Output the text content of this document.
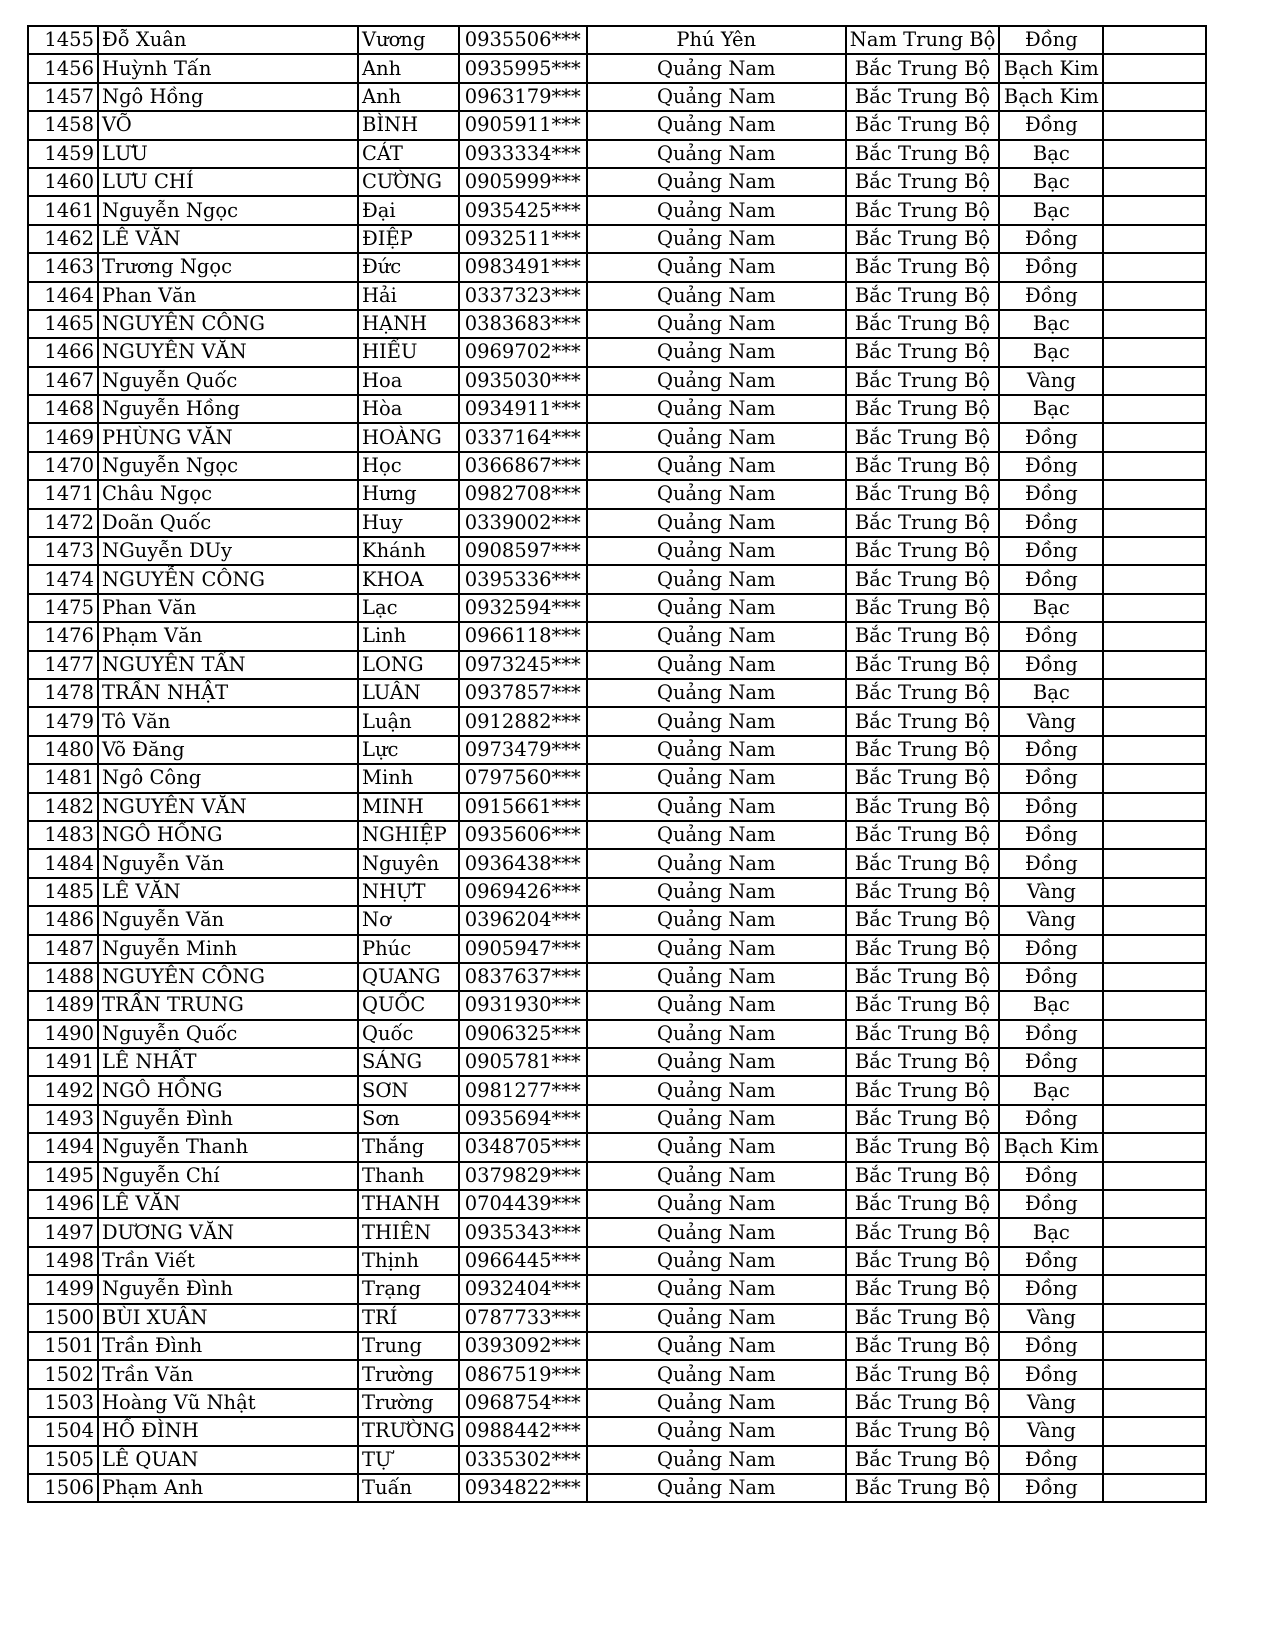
1455	Đỗ Xuân	Vương	0935506***	Phú Yên	Nam Trung Bộ	Đồng	
1456	Huỳnh Tấn	Anh	0935995***	Quảng Nam	Bắc Trung Bộ	Bạch Kim	
1457	Ngô Hồng	Anh	0963179***	Quảng Nam	Bắc Trung Bộ	Bạch Kim	
1458	VÕ	BÌNH	0905911***	Quảng Nam	Bắc Trung Bộ	Đồng	
1459	LƯU	CÁT	0933334***	Quảng Nam	Bắc Trung Bộ	Bạc	
1460	LƯU CHÍ	CƯỜNG	0905999***	Quảng Nam	Bắc Trung Bộ	Bạc	
1461	Nguyễn Ngọc	Đại	0935425***	Quảng Nam	Bắc Trung Bộ	Bạc	
1462	LÊ VĂN	ĐIỆP	0932511***	Quảng Nam	Bắc Trung Bộ	Đồng	
1463	Trương Ngọc	Đức	0983491***	Quảng Nam	Bắc Trung Bộ	Đồng	
1464	Phan Văn	Hải	0337323***	Quảng Nam	Bắc Trung Bộ	Đồng	
1465	NGUYỄN CÔNG	HẠNH	0383683***	Quảng Nam	Bắc Trung Bộ	Bạc	
1466	NGUYỄN VĂN	HIẾU	0969702***	Quảng Nam	Bắc Trung Bộ	Bạc	
1467	Nguyễn Quốc	Hoa	0935030***	Quảng Nam	Bắc Trung Bộ	Vàng	
1468	Nguyễn Hồng	Hòa	0934911***	Quảng Nam	Bắc Trung Bộ	Bạc	
1469	PHÙNG VĂN	HOÀNG	0337164***	Quảng Nam	Bắc Trung Bộ	Đồng	
1470	Nguyễn Ngọc	Học	0366867***	Quảng Nam	Bắc Trung Bộ	Đồng	
1471	Châu Ngọc	Hưng	0982708***	Quảng Nam	Bắc Trung Bộ	Đồng	
1472	Doãn Quốc	Huy	0339002***	Quảng Nam	Bắc Trung Bộ	Đồng	
1473	NGuyễn DUy	Khánh	0908597***	Quảng Nam	Bắc Trung Bộ	Đồng	
1474	NGUYỄN CÔNG	KHOA	0395336***	Quảng Nam	Bắc Trung Bộ	Đồng	
1475	Phan Văn	Lạc	0932594***	Quảng Nam	Bắc Trung Bộ	Bạc	
1476	Phạm Văn	Linh	0966118***	Quảng Nam	Bắc Trung Bộ	Đồng	
1477	NGUYỄN TẤN	LONG	0973245***	Quảng Nam	Bắc Trung Bộ	Đồng	
1478	TRẦN NHẬT	LUÂN	0937857***	Quảng Nam	Bắc Trung Bộ	Bạc	
1479	Tô Văn	Luận	0912882***	Quảng Nam	Bắc Trung Bộ	Vàng	
1480	Võ Đăng	Lực	0973479***	Quảng Nam	Bắc Trung Bộ	Đồng	
1481	Ngô Công	Minh	0797560***	Quảng Nam	Bắc Trung Bộ	Đồng	
1482	NGUYỄN VĂN	MINH	0915661***	Quảng Nam	Bắc Trung Bộ	Đồng	
1483	NGÔ HỒNG	NGHIỆP	0935606***	Quảng Nam	Bắc Trung Bộ	Đồng	
1484	Nguyễn Văn	Nguyên	0936438***	Quảng Nam	Bắc Trung Bộ	Đồng	
1485	LÊ VĂN	NHỰT	0969426***	Quảng Nam	Bắc Trung Bộ	Vàng	
1486	Nguyễn Văn	Nơ	0396204***	Quảng Nam	Bắc Trung Bộ	Vàng	
1487	Nguyễn Minh	Phúc	0905947***	Quảng Nam	Bắc Trung Bộ	Đồng	
1488	NGUYỄN CÔNG	QUANG	0837637***	Quảng Nam	Bắc Trung Bộ	Đồng	
1489	TRẦN TRUNG	QUỐC	0931930***	Quảng Nam	Bắc Trung Bộ	Bạc	
1490	Nguyễn Quốc	Quốc	0906325***	Quảng Nam	Bắc Trung Bộ	Đồng	
1491	LÊ NHẤT	SÁNG	0905781***	Quảng Nam	Bắc Trung Bộ	Đồng	
1492	NGÔ HỒNG	SƠN	0981277***	Quảng Nam	Bắc Trung Bộ	Bạc	
1493	Nguyễn Đình	Sơn	0935694***	Quảng Nam	Bắc Trung Bộ	Đồng	
1494	Nguyễn Thanh	Thắng	0348705***	Quảng Nam	Bắc Trung Bộ	Bạch Kim	
1495	Nguyễn Chí	Thanh	0379829***	Quảng Nam	Bắc Trung Bộ	Đồng	
1496	LÊ VĂN	THANH	0704439***	Quảng Nam	Bắc Trung Bộ	Đồng	
1497	DƯƠNG VĂN	THIÊN	0935343***	Quảng Nam	Bắc Trung Bộ	Bạc	
1498	Trần Viết	Thịnh	0966445***	Quảng Nam	Bắc Trung Bộ	Đồng	
1499	Nguyễn Đình	Trạng	0932404***	Quảng Nam	Bắc Trung Bộ	Đồng	
1500	BÙI XUÂN	TRÍ	0787733***	Quảng Nam	Bắc Trung Bộ	Vàng	
1501	Trần Đình	Trung	0393092***	Quảng Nam	Bắc Trung Bộ	Đồng	
1502	Trần Văn	Trường	0867519***	Quảng Nam	Bắc Trung Bộ	Đồng	
1503	Hoàng Vũ Nhật	Trường	0968754***	Quảng Nam	Bắc Trung Bộ	Vàng	
1504	HỒ ĐÌNH	TRƯỜNG	0988442***	Quảng Nam	Bắc Trung Bộ	Vàng	
1505	LÊ QUAN	TỰ	0335302***	Quảng Nam	Bắc Trung Bộ	Đồng	
1506	Phạm Anh	Tuấn	0934822***	Quảng Nam	Bắc Trung Bộ	Đồng	
